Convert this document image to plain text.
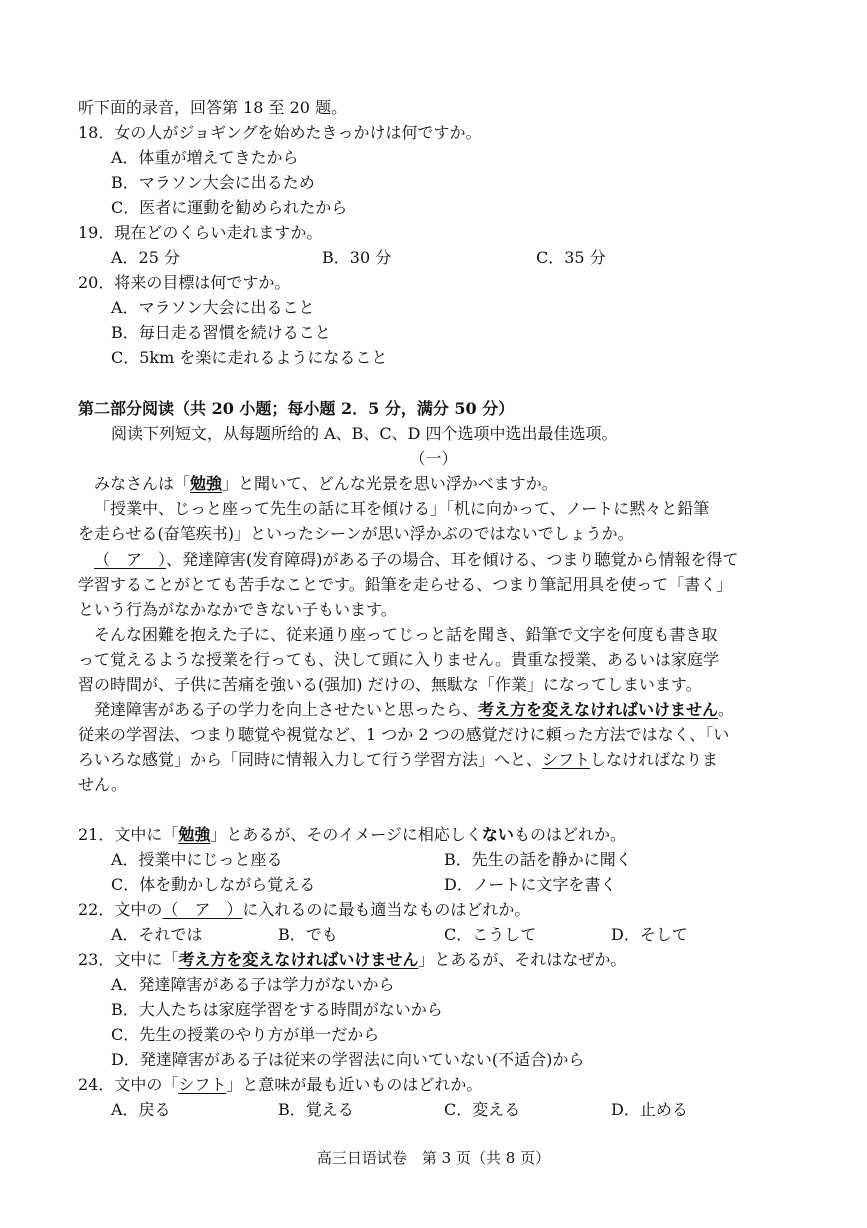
听下面的录音，回答第 18 至 20 题。
18．女の人がジョギングを始めたきっかけは何ですか。
A．体重が増えてきたから
B．マラソン大会に出るため
C．医者に運動を勧められたから
19．現在どのくらい走れますか。
A．25 分	B．30 分	C．35 分
20．将来の目標は何ですか。
A．マラソン大会に出ること
B．毎日走る習慣を続けること
C．5km を楽に走れるようになること
第二部分阅读（共 20 小题；每小题 2．5 分，满分 50 分）
阅读下列短文，从每题所给的 A、B、C、D 四个选项中选出最佳选项。
（一）
みなさんは「勉強」と聞いて、どんな光景を思い浮かべますか。
「授業中、じっと座って先生の話に耳を傾ける」「机に向かって、ノートに黙々と鉛筆
を走らせる(奋笔疾书)」といったシーンが思い浮かぶのではないでしょうか。
（　ア　）、発達障害(发育障碍)がある子の場合、耳を傾ける、つまり聴覚から情報を得て
学習することがとても苦手なことです。鉛筆を走らせる、つまり筆記用具を使って「書く」
という行為がなかなかできない子もいます。
そんな困難を抱えた子に、従来通り座ってじっと話を聞き、鉛筆で文字を何度も書き取
って覚えるような授業を行っても、決して頭に入りません。貴重な授業、あるいは家庭学
習の時間が、子供に苦痛を強いる(强加) だけの、無駄な「作業」になってしまいます。
発達障害がある子の学力を向上させたいと思ったら、考え方を変えなければいけません。
従来の学習法、つまり聴覚や視覚など、1 つか 2 つの感覚だけに頼った方法ではなく、「い
ろいろな感覚」から「同時に情報入力して行う学習方法」へと、シフトしなければなりま
せん。
21．文中に「勉強」とあるが、そのイメージに相応しくないものはどれか。
A．授業中にじっと座る	B．先生の話を静かに聞く
C．体を動かしながら覚える	D．ノートに文字を書く
22．文中の（　ア　）に入れるのに最も適当なものはどれか。
A．それでは	B．でも	C．こうして	D．そして
23．文中に「考え方を変えなければいけません」とあるが、それはなぜか。
A．発達障害がある子は学力がないから
B．大人たちは家庭学習をする時間がないから
C．先生の授業のやり方が単一だから
D．発達障害がある子は従来の学習法に向いていない(不适合)から
24．文中の「シフト」と意味が最も近いものはどれか。
A．戻る	B．覚える	C．変える	D．止める
高三日语试卷　第 3 页（共 8 页）
